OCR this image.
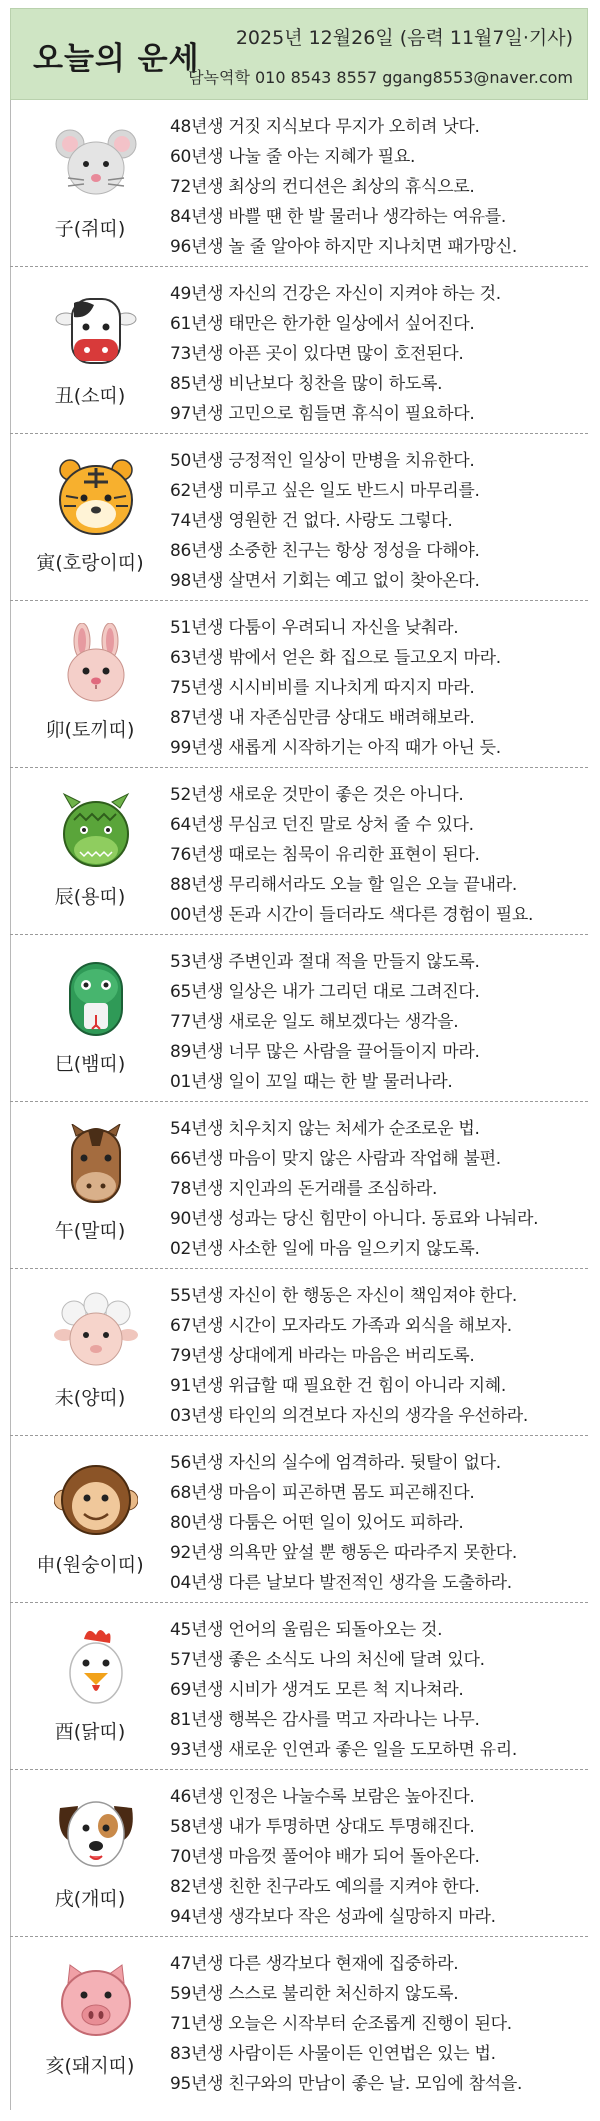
오늘의 운세
2025년 12월26일 (음력 11월7일·기사)
담녹역학 010 8543 8557 ggang8553@naver.com
子(쥐띠)
48년생 거짓 지식보다 무지가 오히려 낫다.
60년생 나눌 줄 아는 지혜가 필요.
72년생 최상의 컨디션은 최상의 휴식으로.
84년생 바쁠 땐 한 발 물러나 생각하는 여유를.
96년생 놀 줄 알아야 하지만 지나치면 패가망신.
丑(소띠)
49년생 자신의 건강은 자신이 지켜야 하는 것.
61년생 태만은 한가한 일상에서 싶어진다.
73년생 아픈 곳이 있다면 많이 호전된다.
85년생 비난보다 칭찬을 많이 하도록.
97년생 고민으로 힘들면 휴식이 필요하다.
寅(호랑이띠)
50년생 긍정적인 일상이 만병을 치유한다.
62년생 미루고 싶은 일도 반드시 마무리를.
74년생 영원한 건 없다. 사랑도 그렇다.
86년생 소중한 친구는 항상 정성을 다해야.
98년생 살면서 기회는 예고 없이 찾아온다.
卯(토끼띠)
51년생 다툼이 우려되니 자신을 낮춰라.
63년생 밖에서 얻은 화 집으로 들고오지 마라.
75년생 시시비비를 지나치게 따지지 마라.
87년생 내 자존심만큼 상대도 배려해보라.
99년생 새롭게 시작하기는 아직 때가 아닌 듯.
辰(용띠)
52년생 새로운 것만이 좋은 것은 아니다.
64년생 무심코 던진 말로 상처 줄 수 있다.
76년생 때로는 침묵이 유리한 표현이 된다.
88년생 무리해서라도 오늘 할 일은 오늘 끝내라.
00년생 돈과 시간이 들더라도 색다른 경험이 필요.
巳(뱀띠)
53년생 주변인과 절대 적을 만들지 않도록.
65년생 일상은 내가 그리던 대로 그려진다.
77년생 새로운 일도 해보겠다는 생각을.
89년생 너무 많은 사람을 끌어들이지 마라.
01년생 일이 꼬일 때는 한 발 물러나라.
午(말띠)
54년생 치우치지 않는 처세가 순조로운 법.
66년생 마음이 맞지 않은 사람과 작업해 불편.
78년생 지인과의 돈거래를 조심하라.
90년생 성과는 당신 힘만이 아니다. 동료와 나눠라.
02년생 사소한 일에 마음 일으키지 않도록.
未(양띠)
55년생 자신이 한 행동은 자신이 책임져야 한다.
67년생 시간이 모자라도 가족과 외식을 해보자.
79년생 상대에게 바라는 마음은 버리도록.
91년생 위급할 때 필요한 건 힘이 아니라 지혜.
03년생 타인의 의견보다 자신의 생각을 우선하라.
申(원숭이띠)
56년생 자신의 실수에 엄격하라. 뒷탈이 없다.
68년생 마음이 피곤하면 몸도 피곤해진다.
80년생 다툼은 어떤 일이 있어도 피하라.
92년생 의욕만 앞설 뿐 행동은 따라주지 못한다.
04년생 다른 날보다 발전적인 생각을 도출하라.
酉(닭띠)
45년생 언어의 울림은 되돌아오는 것.
57년생 좋은 소식도 나의 처신에 달려 있다.
69년생 시비가 생겨도 모른 척 지나쳐라.
81년생 행복은 감사를 먹고 자라나는 나무.
93년생 새로운 인연과 좋은 일을 도모하면 유리.
戌(개띠)
46년생 인정은 나눌수록 보람은 높아진다.
58년생 내가 투명하면 상대도 투명해진다.
70년생 마음껏 풀어야 배가 되어 돌아온다.
82년생 친한 친구라도 예의를 지켜야 한다.
94년생 생각보다 작은 성과에 실망하지 마라.
亥(돼지띠)
47년생 다른 생각보다 현재에 집중하라.
59년생 스스로 불리한 처신하지 않도록.
71년생 오늘은 시작부터 순조롭게 진행이 된다.
83년생 사람이든 사물이든 인연법은 있는 법.
95년생 친구와의 만남이 좋은 날. 모임에 참석을.
